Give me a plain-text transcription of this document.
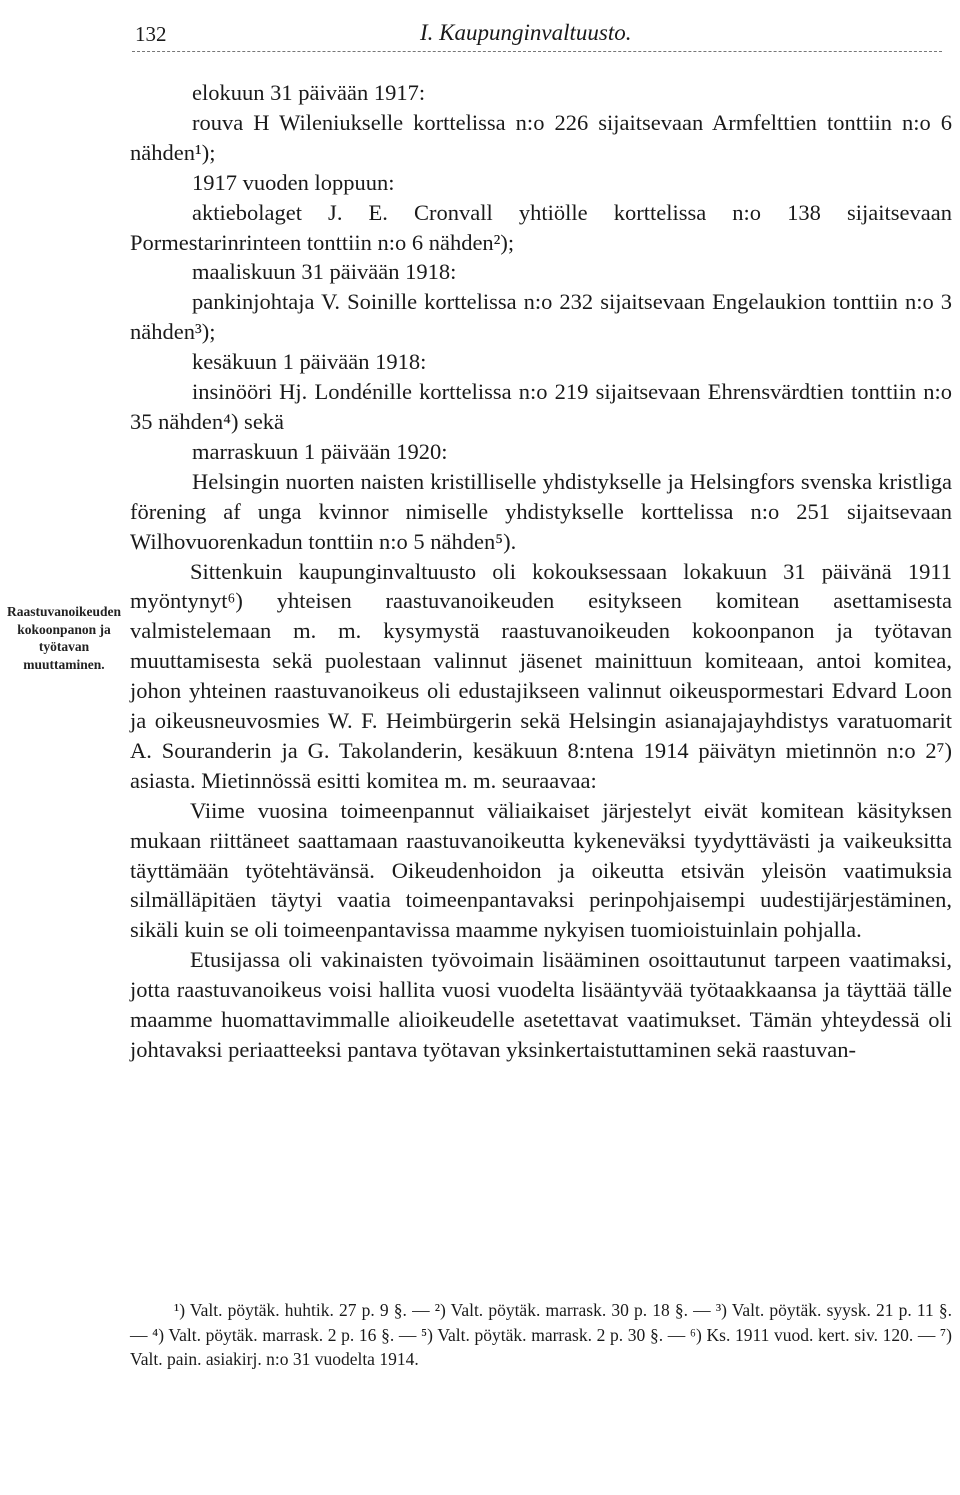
132	I. Kaupunginvaltuusto.
Raastuvanoikeuden kokoonpanon ja työtavan muuttaminen.

elokuun 31 päivään 1917:

rouva H Wileniukselle korttelissa n:o 226 sijaitsevaan Armfelttien tonttiin n:o 6 nähden¹);

1917 vuoden loppuun:

aktiebolaget J. E. Cronvall yhtiölle korttelissa n:o 138 sijaitsevaan Pormestarinrinteen tonttiin n:o 6 nähden²);

maaliskuun 31 päivään 1918:

pankinjohtaja V. Soinille korttelissa n:o 232 sijaitsevaan Engelaukion tonttiin n:o 3 nähden³);

kesäkuun 1 päivään 1918:

insinööri Hj. Londénille korttelissa n:o 219 sijaitsevaan Ehrensvärdtien tonttiin n:o 35 nähden⁴) sekä

marraskuun 1 päivään 1920:

Helsingin nuorten naisten kristilliselle yhdistykselle ja Helsingfors svenska kristliga förening af unga kvinnor nimiselle yhdistykselle korttelissa n:o 251 sijaitsevaan Wilhovuorenkadun tonttiin n:o 5 nähden⁵).

Sittenkuin kaupunginvaltuusto oli kokouksessaan lokakuun 31 päivänä 1911 myöntynyt⁶) yhteisen raastuvanoikeuden esitykseen komitean asettamisesta valmistelemaan m. m. kysymystä raastuvanoikeuden kokoonpanon ja työtavan muuttamisesta sekä puolestaan valinnut jäsenet mainittuun komiteaan, antoi komitea, johon yhteinen raastuvanoikeus oli edustajikseen valinnut oikeuspormestari Edvard Loon ja oikeusneuvosmies W. F. Heimbürgerin sekä Helsingin asianajajayhdistys varatuomarit A. Souranderin ja G. Takolanderin, kesäkuun 8:ntena 1914 päivätyn mietinnön n:o 2⁷) asiasta. Mietinnössä esitti komitea m. m. seuraavaa:

Viime vuosina toimeenpannut väliaikaiset järjestelyt eivät komitean käsityksen mukaan riittäneet saattamaan raastuvanoikeutta kykeneväksi tyydyttävästi ja vaikeuksitta täyttämään työtehtävänsä. Oikeudenhoidon ja oikeutta etsivän yleisön vaatimuksia silmälläpitäen täytyi vaatia toimeenpantavaksi perinpohjaisempi uudestijärjestäminen, sikäli kuin se oli toimeenpantavissa maamme nykyisen tuomioistuinlain pohjalla.

Etusijassa oli vakinaisten työvoimain lisääminen osoittautunut tarpeen vaatimaksi, jotta raastuvanoikeus voisi hallita vuosi vuodelta lisääntyvää työtaakkaansa ja täyttää tälle maamme huomattavimmalle alioikeudelle asetettavat vaatimukset. Tämän yhteydessä oli johtavaksi periaatteeksi pantava työtavan yksinkertaistuttaminen sekä raastuvan-

¹) Valt. pöytäk. huhtik. 27 p. 9 §. — ²) Valt. pöytäk. marrask. 30 p. 18 §. — ³) Valt. pöytäk. syysk. 21 p. 11 §. — ⁴) Valt. pöytäk. marrask. 2 p. 16 §. — ⁵) Valt. pöytäk. marrask. 2 p. 30 §. — ⁶) Ks. 1911 vuod. kert. siv. 120. — ⁷) Valt. pain. asiakirj. n:o 31 vuodelta 1914.
